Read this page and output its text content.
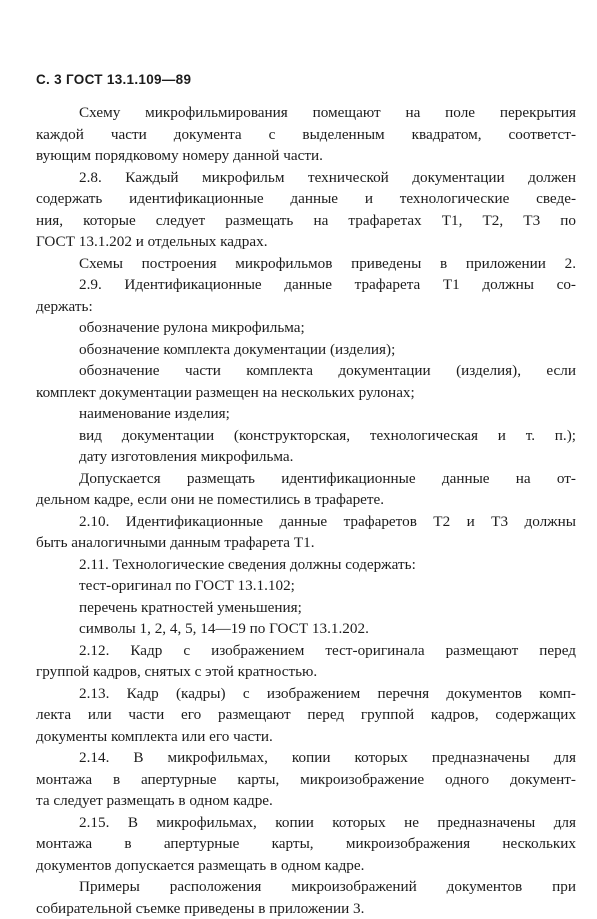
С. 3 ГОСТ 13.1.109—89
Схему микрофильмирования помещают на поле перекрытия
каждой части документа с выделенным квадратом, соответст-
вующим порядковому номеру данной части.
2.8. Каждый микрофильм технической документации должен
содержать идентификационные данные и технологические сведе-
ния, которые следует размещать на трафаретах Т1, Т2, Т3 по
ГОСТ 13.1.202 и отдельных кадрах.
Схемы построения микрофильмов приведены в приложении 2.
2.9. Идентификационные данные трафарета Т1 должны со-
держать:
обозначение рулона микрофильма;
обозначение комплекта документации (изделия);
обозначение части комплекта документации (изделия), если
комплект документации размещен на нескольких рулонах;
наименование изделия;
вид документации (конструкторская, технологическая и т. п.);
дату изготовления микрофильма.
Допускается размещать идентификационные данные на от-
дельном кадре, если они не поместились в трафарете.
2.10. Идентификационные данные трафаретов Т2 и Т3 должны
быть аналогичными данным трафарета Т1.
2.11. Технологические сведения должны содержать:
тест-оригинал по ГОСТ 13.1.102;
перечень кратностей уменьшения;
символы 1, 2, 4, 5, 14—19 по ГОСТ 13.1.202.
2.12. Кадр с изображением тест-оригинала размещают перед
группой кадров, снятых с этой кратностью.
2.13. Кадр (кадры) с изображением перечня документов комп-
лекта или части его размещают перед группой кадров, содержащих
документы комплекта или его части.
2.14. В микрофильмах, копии которых предназначены для
монтажа в апертурные карты, микроизображение одного документ-
та следует размещать в одном кадре.
2.15. В микрофильмах, копии которых не предназначены для
монтажа в апертурные карты, микроизображения нескольких
документов допускается размещать в одном кадре.
Примеры расположения микроизображений документов при
собирательной съемке приведены в приложении 3.
